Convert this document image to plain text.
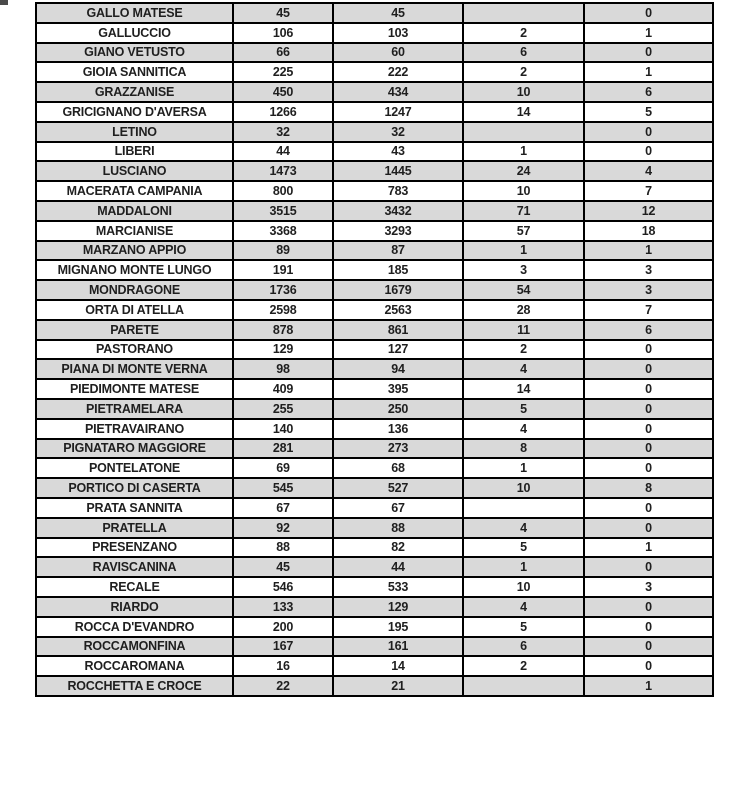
GALLO MATESE	45	45		0
GALLUCCIO	106	103	2	1
GIANO VETUSTO	66	60	6	0
GIOIA SANNITICA	225	222	2	1
GRAZZANISE	450	434	10	6
GRICIGNANO D'AVERSA	1266	1247	14	5
LETINO	32	32		0
LIBERI	44	43	1	0
LUSCIANO	1473	1445	24	4
MACERATA CAMPANIA	800	783	10	7
MADDALONI	3515	3432	71	12
MARCIANISE	3368	3293	57	18
MARZANO APPIO	89	87	1	1
MIGNANO MONTE LUNGO	191	185	3	3
MONDRAGONE	1736	1679	54	3
ORTA DI ATELLA	2598	2563	28	7
PARETE	878	861	11	6
PASTORANO	129	127	2	0
PIANA DI MONTE VERNA	98	94	4	0
PIEDIMONTE MATESE	409	395	14	0
PIETRAMELARA	255	250	5	0
PIETRAVAIRANO	140	136	4	0
PIGNATARO MAGGIORE	281	273	8	0
PONTELATONE	69	68	1	0
PORTICO DI CASERTA	545	527	10	8
PRATA SANNITA	67	67		0
PRATELLA	92	88	4	0
PRESENZANO	88	82	5	1
RAVISCANINA	45	44	1	0
RECALE	546	533	10	3
RIARDO	133	129	4	0
ROCCA D'EVANDRO	200	195	5	0
ROCCAMONFINA	167	161	6	0
ROCCAROMANA	16	14	2	0
ROCCHETTA E CROCE	22	21		1
